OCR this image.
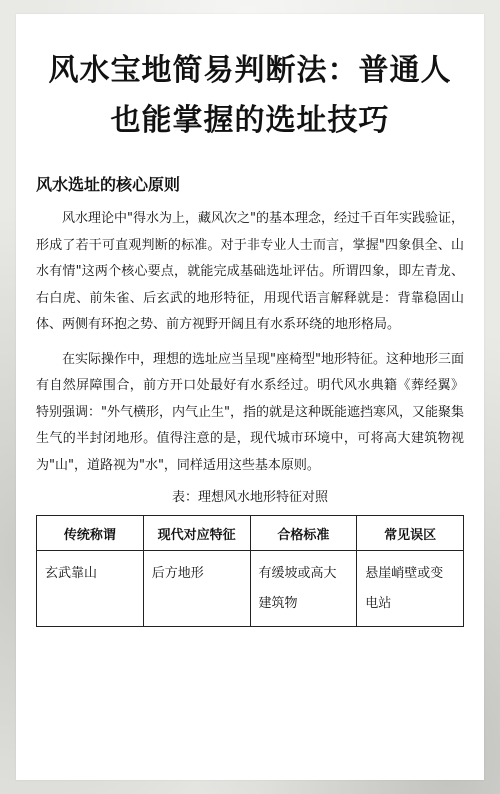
风水宝地简易判断法：普通人
也能掌握的选址技巧
风水选址的核心原则

风水理论中"得水为上，藏风次之"的基本理念，经过千百年实践验证，形成了若干可直观判断的标准。对于非专业人士而言，掌握"四象俱全、山水有情"这两个核心要点，就能完成基础选址评估。所谓四象，即左青龙、右白虎、前朱雀、后玄武的地形特征，用现代语言解释就是：背靠稳固山体、两侧有环抱之势、前方视野开阔且有水系环绕的地形格局。

在实际操作中，理想的选址应当呈现"座椅型"地形特征。这种地形三面有自然屏障围合，前方开口处最好有水系经过。明代风水典籍《葬经翼》特别强调："外气横形，内气止生"，指的就是这种既能遮挡寒风，又能聚集生气的半封闭地形。值得注意的是，现代城市环境中，可将高大建筑物视为"山"，道路视为"水"，同样适用这些基本原则。

表：理想风水地形特征对照
传统称谓	现代对应特征	合格标准	常见误区
玄武靠山	后方地形	有缓坡或高大建筑物	悬崖峭壁或变电站
